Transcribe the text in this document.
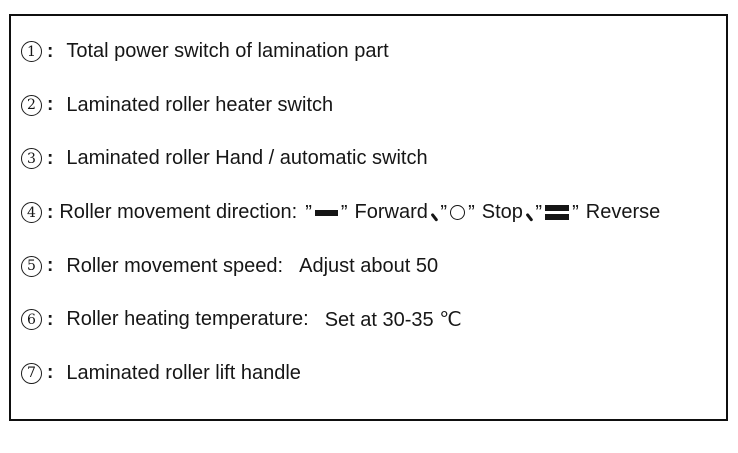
1 : Total power switch of lamination part
2 : Laminated roller heater switch
3 : Laminated roller Hand / automatic switch
4 : Roller movement direction: ” ” Forward ” ” Stop ” ” Reverse
5 : Roller movement speed: Adjust about 50
6 : Roller heating temperature: Set at 30-35 ℃
7 : Laminated roller lift handle
